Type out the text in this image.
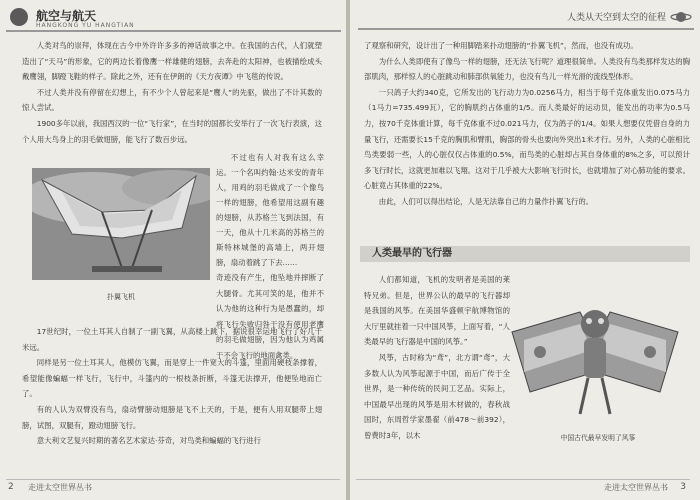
航空与航天
HANGKONG YU HANGTIAN

人类对鸟的崇拜，体现在古今中外许许多多的神话故事之中。在我国的古代，人们就塑造出了“天马”的形象，它的两边长着像鹰一样雄健的翅膀，去奔赴的太阳神，也被描绘成头戴鹰翎，脚蹬飞鞋的样子。除此之外，还有在伊朗的《天方夜谭》中飞毯的传说。

不过人类并没有停留在幻想上，有不少个人曾起来是“鹰人”的先驱，做出了不计其数的惊人尝试。

1900多年以前，我国西汉的一位“飞行家”，在当时的国都长安举行了一次飞行表演，这个人用大鸟身上的羽毛做翅膀，能飞行了数百步远。

不过也有人对我有这么幸运。一个名叫约翰·达米安的青年人，用鸡的羽毛做成了一个像鸟一样的翅膀，他希望用这副有趣的翅膀，从苏格兰飞到法国，有一天，他从十几米高的苏格兰的斯特林城堡的高墙上，两开翅膀，扇动着跳了下去……

扑翼飞机

奇迹没有产生，他坠地并摔断了大腿骨。尤其可笑的是，他并不认为他的这种行为是愚蠢的，却将飞行失败归咎于没有使用老鹰的羽毛做翅膀，因为他认为鸡属于不会飞行的地面禽类。

17世纪时，一位土耳其人自制了一副飞翼，从高楼上跳下，据说很幸运地飞行了好几千米远。

同样是另一位土耳其人，他模仿飞翼，而是穿上一件宽大的斗篷，里面用硬枝条撑着，希望能像蝙蝠一样飞行，飞行中，斗篷内的一根枝条折断，斗篷无法撑开，他便坠地而亡了。

有的人认为双臂没有鸟，扇动臂膀动翅膀是飞不上天的，于是，便有人用双腿带上翅膀，试图，双腿有，蹬动翅膀飞行。

意大利文艺复兴时期的著名艺术家达·芬奇，对鸟类和蝙蝠的飞行进行

2 走进太空世界丛书
人类从天空到太空的征程

了观察和研究，设计出了一种用脚踏来扑动翅膀的“扑翼飞机”，然而，也没有成功。

为什么人类即使有了像鸟一样的翅膀，还无法飞行呢？道理很简单。人类没有鸟类那样发达的胸部肌肉，那样惊人的心脏跳动和肺部供氧能力，也没有鸟儿一样光滑的流线型体形。

一只鸽子大约340克，它所发出的飞行动力为0.0256马力，相当于每千克体重发出0.075马力（1马力=735.499瓦），它的胸肌约占体重的1/5。而人类最好的运动员，能发出的功率为0.5马力，按70千克体重计算，每千克体重不过0.021马力，仅为鸽子的1/4。如果人想要仅凭借自身的力量飞行，还需要长15千克的胸肌和臂肌，胸部的骨头也要向外突出1米才行。另外，人类的心脏相比鸟类要弱一些，人的心脏仅仅占体重的0.5%，而鸟类的心脏却占其自身体重的8%之多，可以预计多飞行时长，这就更加难以飞翔。这对于几乎被大大影响飞行时长，也就增加了对心肺功能的要求。心脏竟占其体重的22%。

由此，人们可以得出结论，人是无法靠自己的力量作扑翼飞行的。

人类最早的飞行器

人们都知道，飞机的发明者是美国的莱特兄弟。但是，世界公认的最早的飞行器却是我国的风筝。在美国华盛顿宇航博物馆的大厅里就挂着一只中国风筝，上面写着，“人类最早的飞行器是中国的风筝。”

风筝，古时称为“鸢”，北方谓“鸢”，大多数人认为风筝起源于中国，而后广传于全世界，是一种传统的民间工艺品。实际上，中国最早出现的风筝是用木材做的，春秋战国时，东周哲学家墨翟（前478～前392），曾费时3年，以木	中国古代最早发明了风筝
走进太空世界丛书 3
